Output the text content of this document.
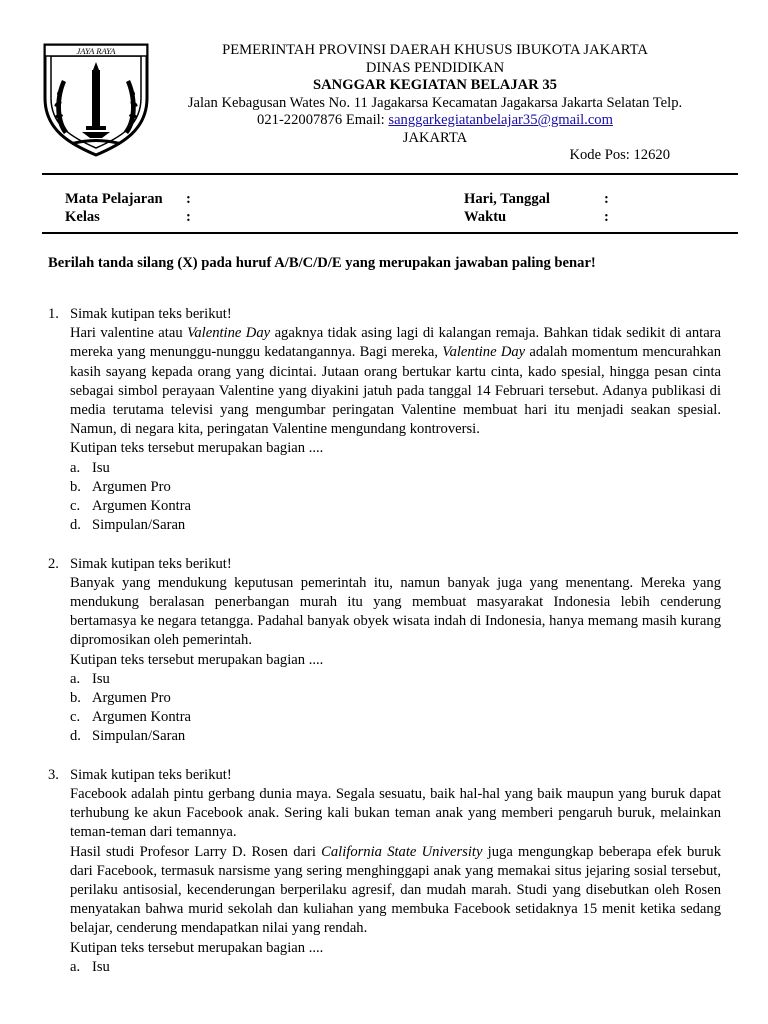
JAYA RAYA	PEMERINTAH PROVINSI DAERAH KHUSUS IBUKOTA JAKARTA
DINAS PENDIDIKAN
SANGGAR KEGIATAN BELAJAR 35
Jalan Kebagusan Wates No. 11 Jagakarsa Kecamatan Jagakarsa Jakarta Selatan Telp.
021-22007876 Email: sanggarkegiatanbelajar35@gmail.com
JAKARTA
Kode Pos: 12620
Mata Pelajaran :
Kelas	:
Hari, Tanggal	:
Waktu	:
Berilah tanda silang (X) pada huruf A/B/C/D/E yang merupakan jawaban paling benar!
1. Simak kutipan teks berikut!

Hari valentine atau Valentine Day agaknya tidak asing lagi di kalangan remaja. Bahkan tidak sedikit di antara mereka yang menunggu-nunggu kedatangannya. Bagi mereka, Valentine Day adalah momentum mencurahkan kasih sayang kepada orang yang dicintai. Jutaan orang bertukar kartu cinta, kado spesial, hingga pesan cinta sebagai simbol perayaan Valentine yang diyakini jatuh pada tanggal 14 Februari tersebut. Adanya publikasi di media terutama televisi yang mengumbar peringatan Valentine membuat hari itu menjadi seakan spesial. Namun, di negara kita, peringatan Valentine mengundang kontroversi.

Kutipan teks tersebut merupakan bagian ....

a. Isu
b. Argumen Pro
c. Argumen Kontra
d. Simpulan/Saran
2. Simak kutipan teks berikut!

Banyak yang mendukung keputusan pemerintah itu, namun banyak juga yang menentang. Mereka yang mendukung beralasan penerbangan murah itu yang membuat masyarakat Indonesia lebih cenderung bertamasya ke negara tetangga. Padahal banyak obyek wisata indah di Indonesia, hanya memang masih kurang dipromosikan oleh pemerintah.

Kutipan teks tersebut merupakan bagian ....

a. Isu
b. Argumen Pro
c. Argumen Kontra
d. Simpulan/Saran
3. Simak kutipan teks berikut!

Facebook adalah pintu gerbang dunia maya. Segala sesuatu, baik hal-hal yang baik maupun yang buruk dapat terhubung ke akun Facebook anak. Sering kali bukan teman anak yang memberi pengaruh buruk, melainkan teman-teman dari temannya.

Hasil studi Profesor Larry D. Rosen dari California State University juga mengungkap beberapa efek buruk dari Facebook, termasuk narsisme yang sering menghinggapi anak yang memakai situs jejaring sosial tersebut, perilaku antisosial, kecenderungan berperilaku agresif, dan mudah marah. Studi yang disebutkan oleh Rosen menyatakan bahwa murid sekolah dan kuliahan yang membuka Facebook setidaknya 15 menit ketika sedang belajar, cenderung mendapatkan nilai yang rendah.

Kutipan teks tersebut merupakan bagian ....

a. Isu
